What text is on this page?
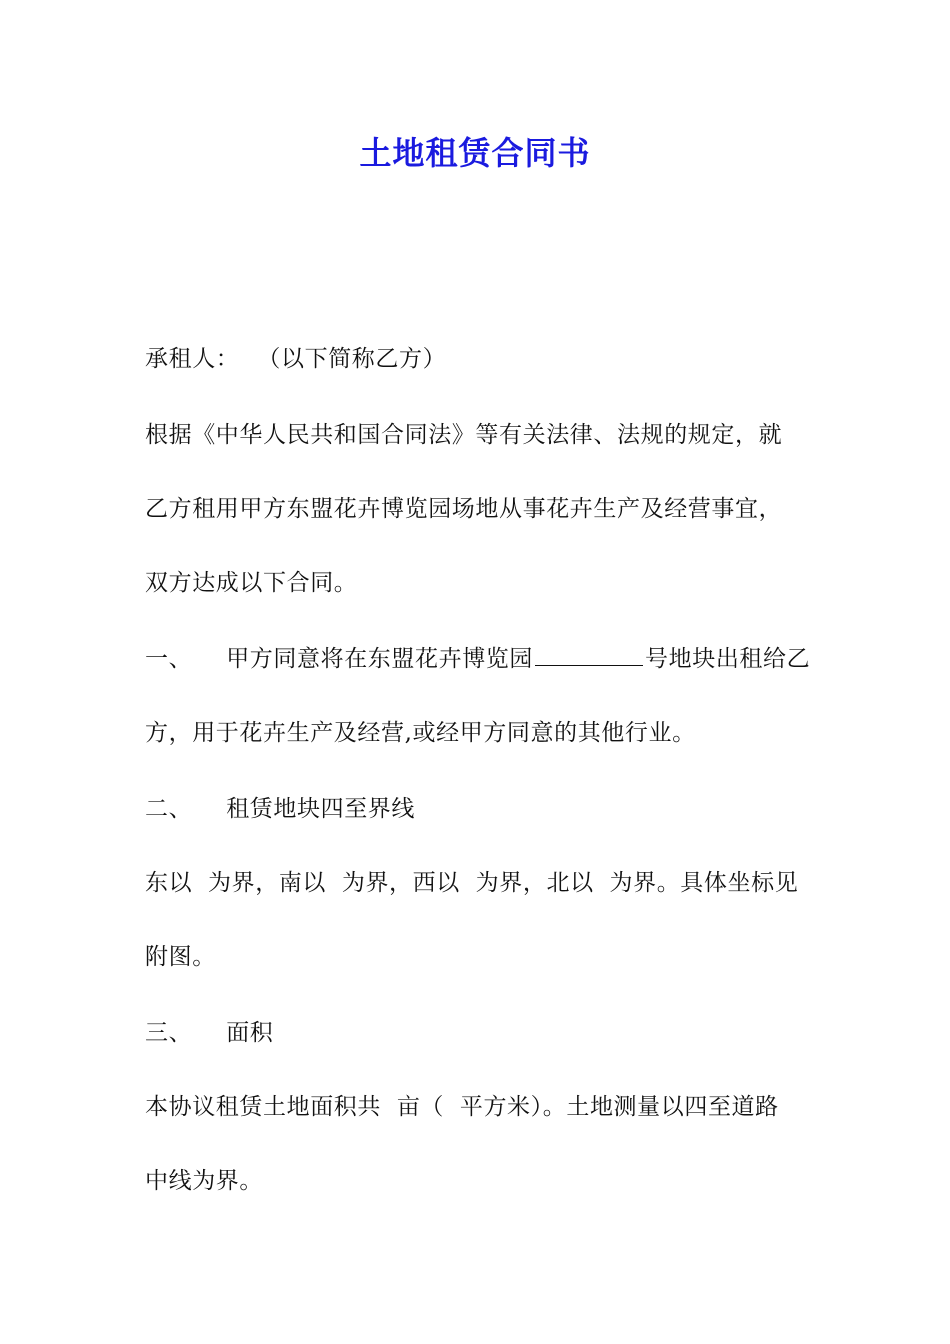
土地租赁合同书
承租人： （以下简称乙方）
根据《中华人民共和国合同法》等有关法律、法规的规定，就
乙方租用甲方东盟花卉博览园场地从事花卉生产及经营事宜，
双方达成以下合同。
一、 甲方同意将在东盟花卉博览园	号地块出租给乙
方，用于花卉生产及经营,或经甲方同意的其他行业。
二、 租赁地块四至界线
东以  为界，南以  为界，西以  为界，北以  为界。具体坐标见
附图。
三、 面积
本协议租赁土地面积共  亩（  平方米）。土地测量以四至道路
中线为界。
